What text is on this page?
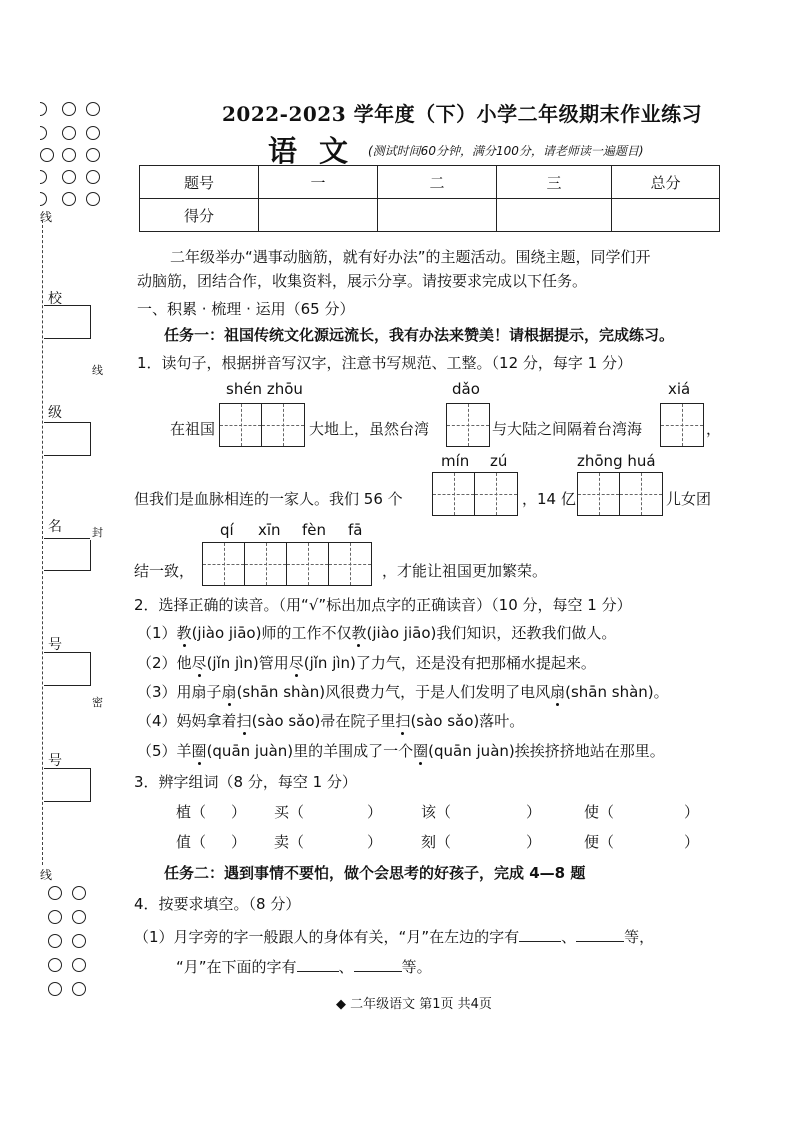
线
校
线
级
名	封
号
密
号
线
2022-2023 学年度（下）小学二年级期末作业练习
语文
(测试时间60分钟，满分100分，请老师读一遍题目)
题号	一	二	三	总分
得分				
二年级举办“遇事动脑筋，就有好办法”的主题活动。围绕主题，同学们开
动脑筋，团结合作，收集资料，展示分享。请按要求完成以下任务。
一、积累 · 梳理 · 运用（65 分）
任务一：祖国传统文化源远流长，我有办法来赞美！请根据提示，完成练习。
1．读句子，根据拼音写汉字，注意书写规范、工整。（12 分，每字 1 分）
shén zhōu	dǎo	xiá
在祖国	大地上，虽然台湾	与大陆之间隔着台湾海	，
mín zú	zhōng huá
但我们是血脉相连的一家人。我们 56 个	，14 亿	儿女团
qí xīn fèn fā
结一致，	，才能让祖国更加繁荣。
2．选择正确的读音。（用“√”标出加点字的正确读音）（10 分，每空 1 分）
（1）教(jiào jiāo)师的工作不仅教(jiào jiāo)我们知识，还教我们做人。
（2）他尽(jǐn jìn)管用尽(jǐn jìn)了力气，还是没有把那桶水提起来。
（3）用扇子扇(shān shàn)风很费力气，于是人们发明了电风扇(shān shàn)。
（4）妈妈拿着扫(sào sǎo)帚在院子里扫(sào sǎo)落叶。
（5）羊圈(quān juàn)里的羊围成了一个圈(quān juàn)挨挨挤挤地站在那里。
3．辨字组词（8 分，每空 1 分）
植（ ） 买（	）	该（	）	使（	）
值（ ） 卖（	）	刻（	）	便（	）
任务二：遇到事情不要怕，做个会思考的好孩子，完成 4—8 题
4．按要求填空。（8 分）
（1）月字旁的字一般跟人的身体有关，“月”在左边的字有	、	等，
“月”在下面的字有	、	等。
◆ 二年级语文 第1页 共4页
